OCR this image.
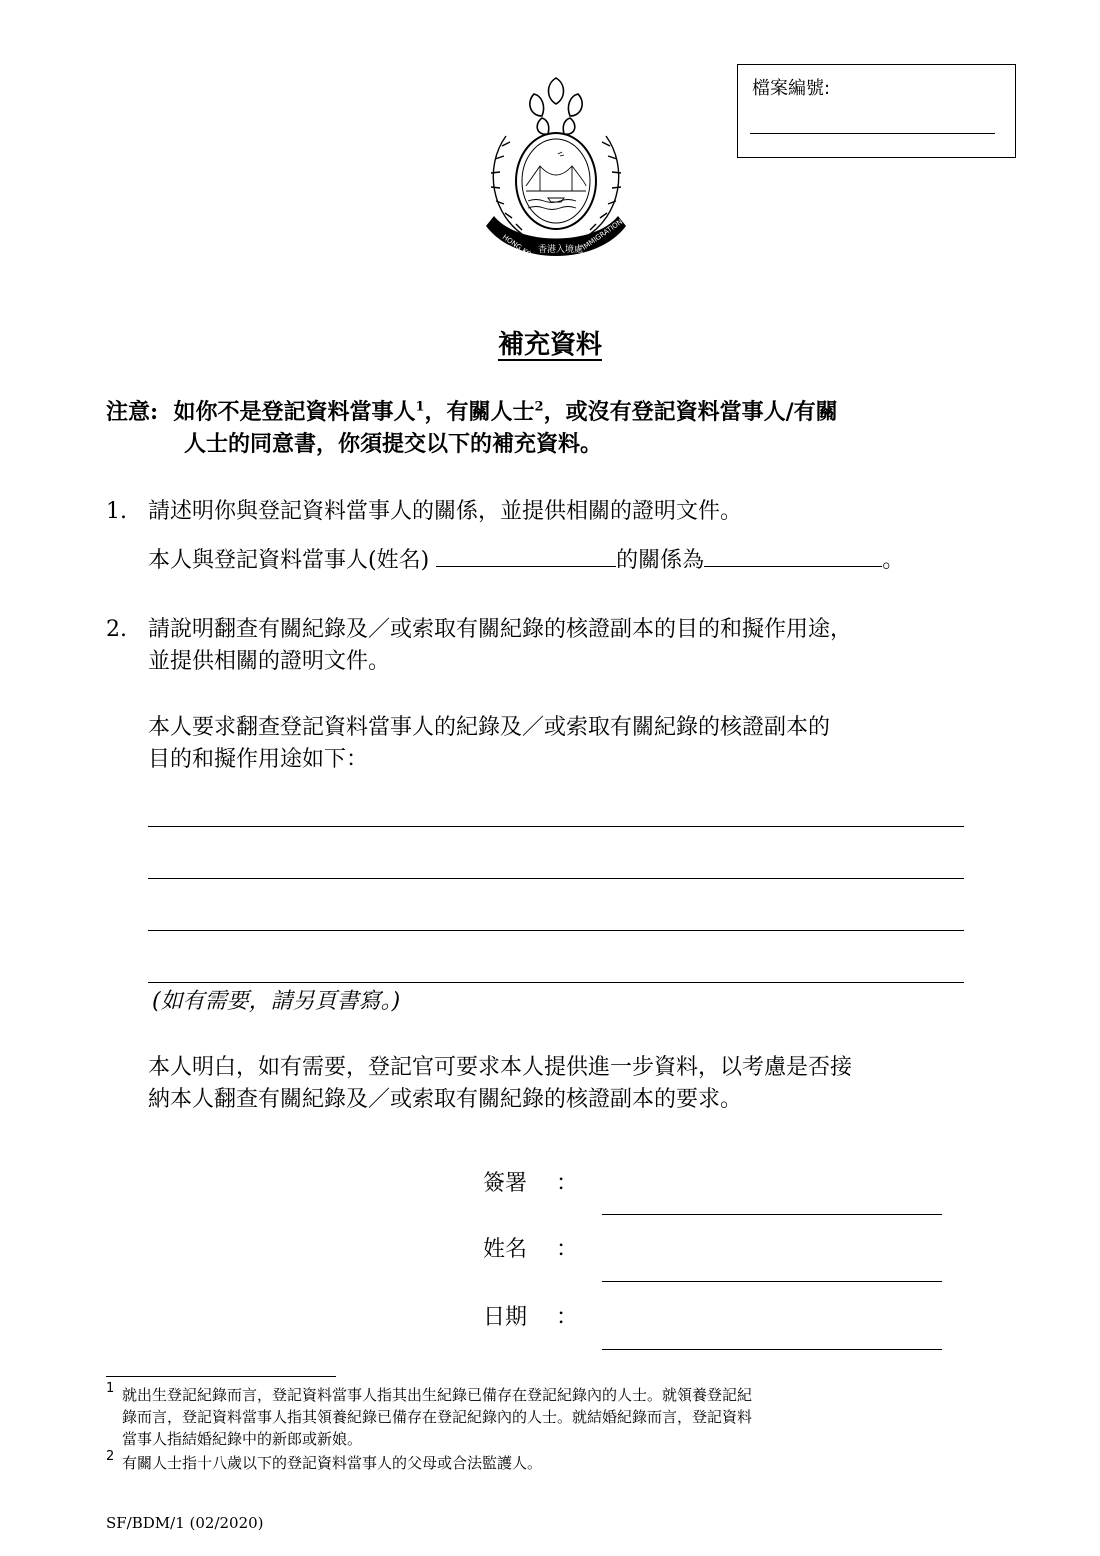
HONG KONG
香港入境處
IMMIGRATION
檔案編號:
補充資料
注意: 如你不是登記資料當事人$^1$，有關人士$^2$，或沒有登記資料當事人/有關
人士的同意書，你須提交以下的補充資料。
1. 請述明你與登記資料當事人的關係，並提供相關的證明文件。
本人與登記資料當事人(姓名)	的關係為	。
2. 請說明翻查有關紀錄及／或索取有關紀錄的核證副本的目的和擬作用途，
並提供相關的證明文件。
本人要求翻查登記資料當事人的紀錄及／或索取有關紀錄的核證副本的
目的和擬作用途如下：
(如有需要，請另頁書寫。)
本人明白，如有需要，登記官可要求本人提供進一步資料，以考慮是否接
納本人翻查有關紀錄及／或索取有關紀錄的核證副本的要求。
簽署 ：
姓名 ：
日期 ：
$^1$ 就出生登記紀錄而言，登記資料當事人指其出生紀錄已備存在登記紀錄內的人士。就領養登記紀
錄而言，登記資料當事人指其領養紀錄已備存在登記紀錄內的人士。就結婚紀錄而言，登記資料
當事人指結婚紀錄中的新郎或新娘。
$^2$ 有關人士指十八歲以下的登記資料當事人的父母或合法監護人。
SF/BDM/1 (02/2020)
